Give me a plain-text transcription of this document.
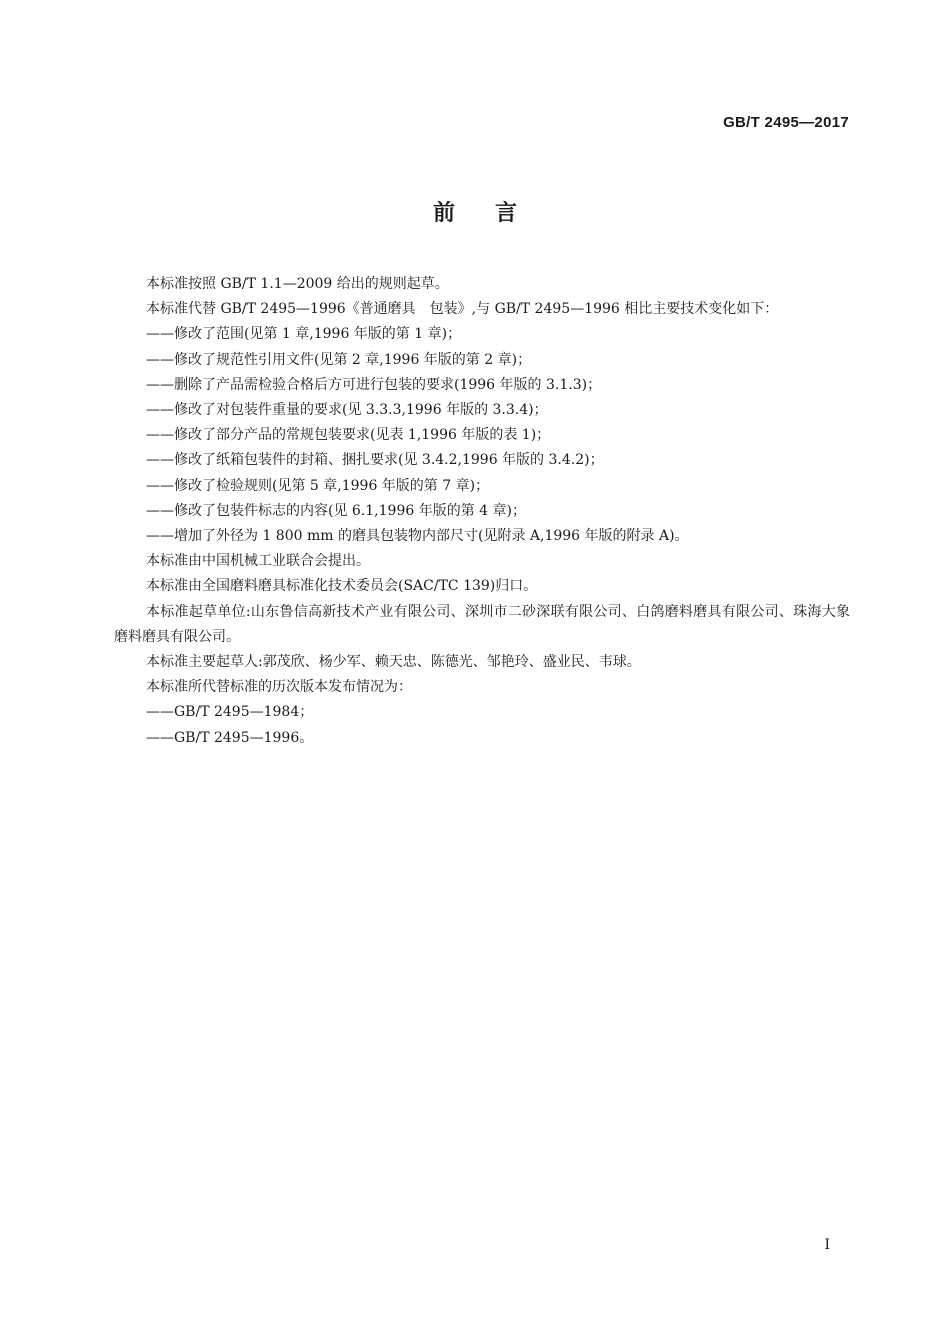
GB/T 2495—2017
前言

本标准按照 GB/T 1.1—2009 给出的规则起草。

本标准代替 GB/T 2495—1996《普通磨具　包装》,与 GB/T 2495—1996 相比主要技术变化如下：

——修改了范围(见第 1 章,1996 年版的第 1 章)；

——修改了规范性引用文件(见第 2 章,1996 年版的第 2 章)；

——删除了产品需检验合格后方可进行包装的要求(1996 年版的 3.1.3)；

——修改了对包装件重量的要求(见 3.3.3,1996 年版的 3.3.4)；

——修改了部分产品的常规包装要求(见表 1,1996 年版的表 1)；

——修改了纸箱包装件的封箱、捆扎要求(见 3.4.2,1996 年版的 3.4.2)；

——修改了检验规则(见第 5 章,1996 年版的第 7 章)；

——修改了包装件标志的内容(见 6.1,1996 年版的第 4 章)；

——增加了外径为 1 800 mm 的磨具包装物内部尺寸(见附录 A,1996 年版的附录 A)。

本标准由中国机械工业联合会提出。

本标准由全国磨料磨具标准化技术委员会(SAC/TC 139)归口。

本标准起草单位:山东鲁信高新技术产业有限公司、深圳市二砂深联有限公司、白鸽磨料磨具有限公司、珠海大象磨料磨具有限公司。

本标准主要起草人:郭茂欣、杨少军、赖天忠、陈德光、邹艳玲、盛业民、韦球。

本标准所代替标准的历次版本发布情况为：

——GB/T 2495—1984；

——GB/T 2495—1996。

I
